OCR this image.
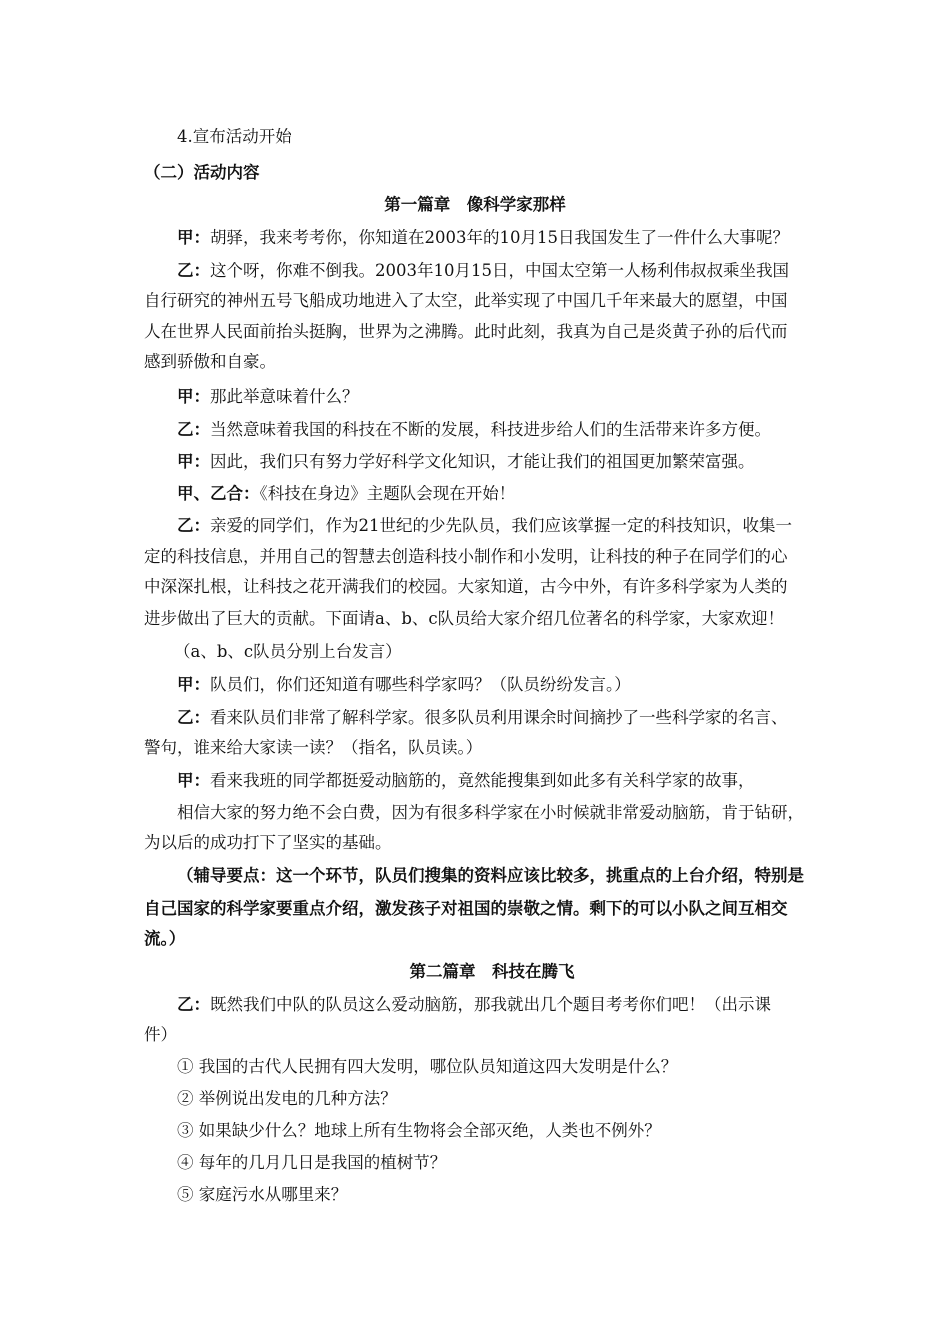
4.宣布活动开始
（二）活动内容
第一篇章　像科学家那样
甲：胡驿，我来考考你，你知道在2003年的10月15日我国发生了一件什么大事呢？
乙：这个呀，你难不倒我。2003年10月15日，中国太空第一人杨利伟叔叔乘坐我国
自行研究的神州五号飞船成功地进入了太空，此举实现了中国几千年来最大的愿望，中国
人在世界人民面前抬头挺胸，世界为之沸腾。此时此刻，我真为自己是炎黄子孙的后代而
感到骄傲和自豪。
甲：那此举意味着什么？
乙：当然意味着我国的科技在不断的发展，科技进步给人们的生活带来许多方便。
甲：因此，我们只有努力学好科学文化知识，才能让我们的祖国更加繁荣富强。
甲、乙合：《科技在身边》主题队会现在开始！
乙：亲爱的同学们，作为21世纪的少先队员，我们应该掌握一定的科技知识，收集一
定的科技信息，并用自己的智慧去创造科技小制作和小发明，让科技的种子在同学们的心
中深深扎根，让科技之花开满我们的校园。大家知道，古今中外，有许多科学家为人类的
进步做出了巨大的贡献。下面请a、b、c队员给大家介绍几位著名的科学家，大家欢迎！
（a、b、c队员分别上台发言）
甲：队员们，你们还知道有哪些科学家吗？（队员纷纷发言。）
乙：看来队员们非常了解科学家。很多队员利用课余时间摘抄了一些科学家的名言、
警句，谁来给大家读一读？（指名，队员读。）
甲：看来我班的同学都挺爱动脑筋的，竟然能搜集到如此多有关科学家的故事，
相信大家的努力绝不会白费，因为有很多科学家在小时候就非常爱动脑筋，肯于钻研，
为以后的成功打下了坚实的基础。
（辅导要点：这一个环节，队员们搜集的资料应该比较多，挑重点的上台介绍，特别是
自己国家的科学家要重点介绍，激发孩子对祖国的崇敬之情。剩下的可以小队之间互相交
流。）
第二篇章　科技在腾飞
乙：既然我们中队的队员这么爱动脑筋，那我就出几个题目考考你们吧！（出示课
件）
① 我国的古代人民拥有四大发明，哪位队员知道这四大发明是什么？
② 举例说出发电的几种方法？
③ 如果缺少什么？地球上所有生物将会全部灭绝，人类也不例外？
④ 每年的几月几日是我国的植树节？
⑤ 家庭污水从哪里来？
